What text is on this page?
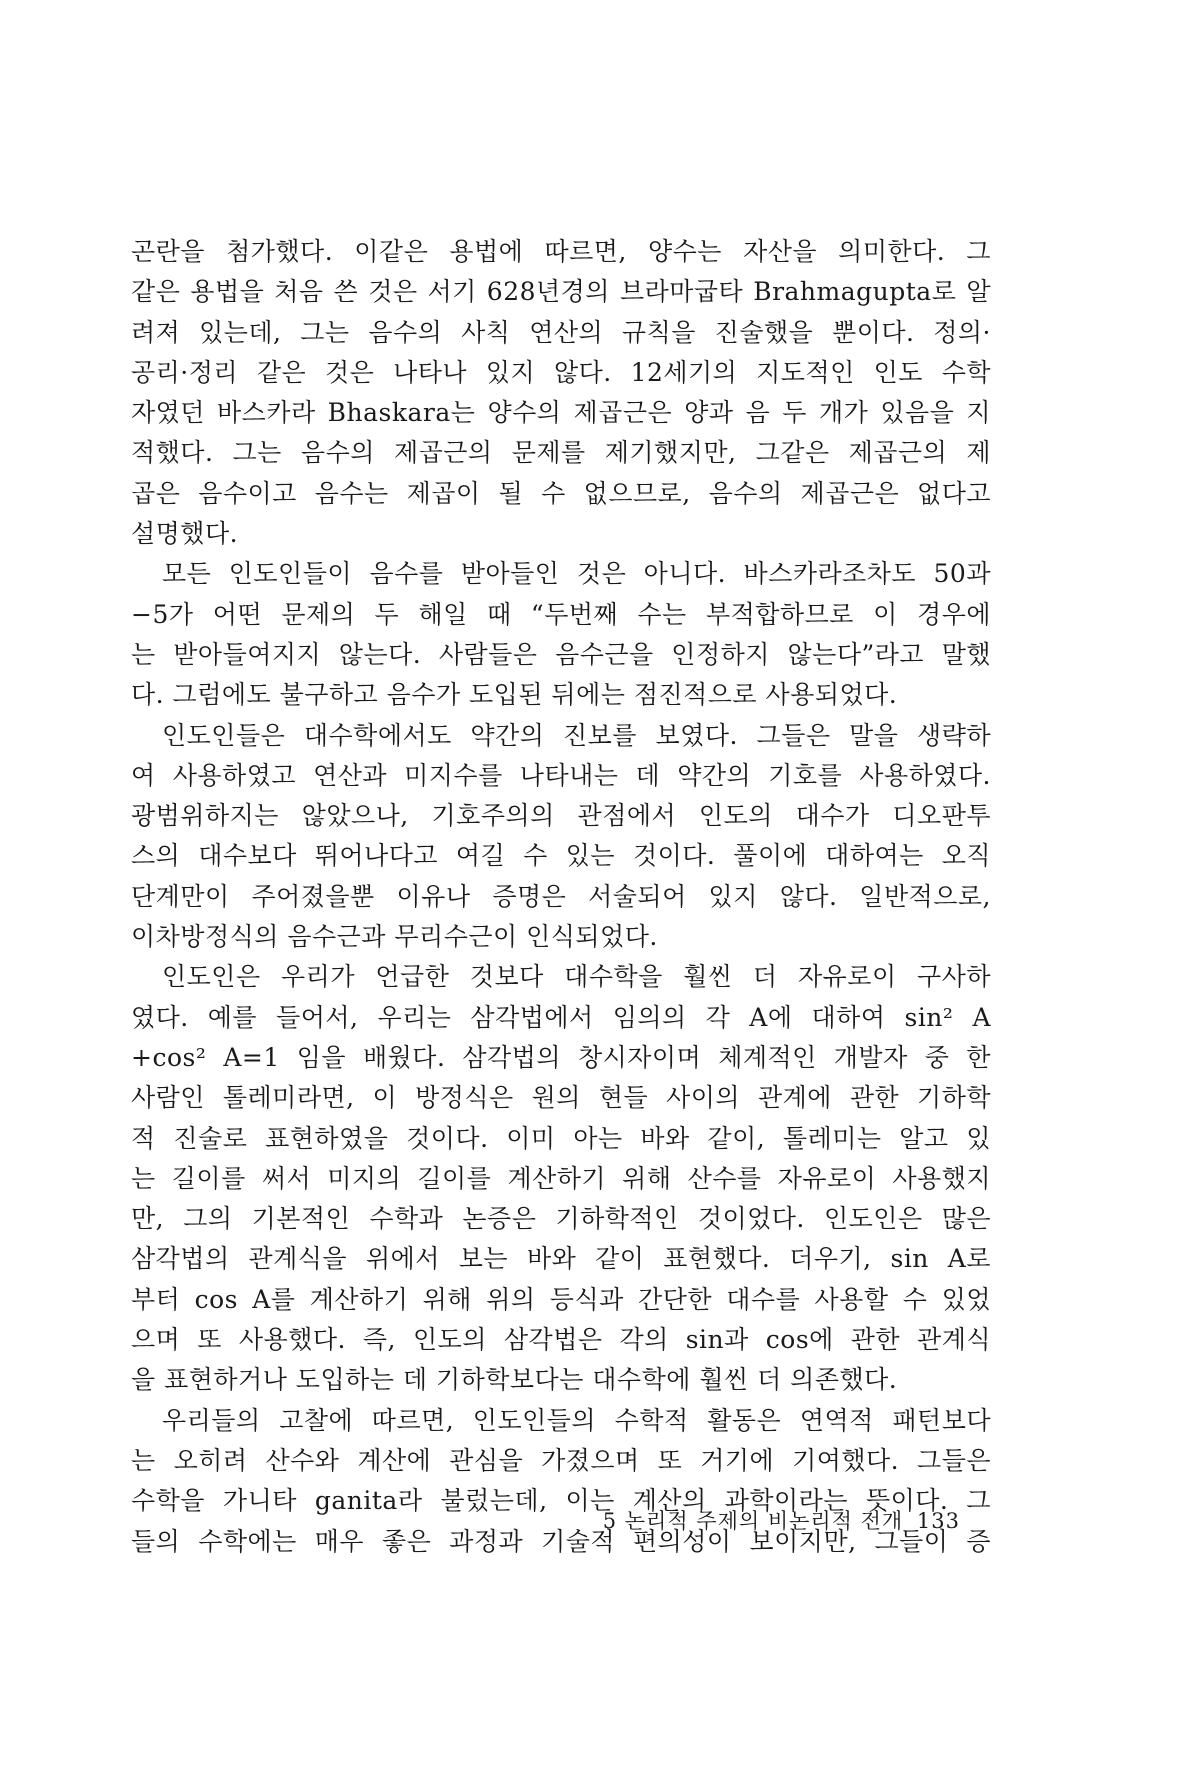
곤란을 첨가했다. 이같은 용법에 따르면, 양수는 자산을 의미한다. 그
같은 용법을 처음 쓴 것은 서기 628년경의 브라마굽타 Brahmagupta로 알
려져 있는데, 그는 음수의 사칙 연산의 규칙을 진술했을 뿐이다. 정의·
공리·정리 같은 것은 나타나 있지 않다. 12세기의 지도적인 인도 수학
자였던 바스카라 Bhaskara는 양수의 제곱근은 양과 음 두 개가 있음을 지
적했다. 그는 음수의 제곱근의 문제를 제기했지만, 그같은 제곱근의 제
곱은 음수이고 음수는 제곱이 될 수 없으므로, 음수의 제곱근은 없다고
설명했다.
모든 인도인들이 음수를 받아들인 것은 아니다. 바스카라조차도 50과
−5가 어떤 문제의 두 해일 때 “두번째 수는 부적합하므로 이 경우에
는 받아들여지지 않는다. 사람들은 음수근을 인정하지 않는다”라고 말했
다. 그럼에도 불구하고 음수가 도입된 뒤에는 점진적으로 사용되었다.
인도인들은 대수학에서도 약간의 진보를 보였다. 그들은 말을 생략하
여 사용하였고 연산과 미지수를 나타내는 데 약간의 기호를 사용하였다.
광범위하지는 않았으나, 기호주의의 관점에서 인도의 대수가 디오판투
스의 대수보다 뛰어나다고 여길 수 있는 것이다. 풀이에 대하여는 오직
단계만이 주어졌을뿐 이유나 증명은 서술되어 있지 않다. 일반적으로,
이차방정식의 음수근과 무리수근이 인식되었다.
인도인은 우리가 언급한 것보다 대수학을 훨씬 더 자유로이 구사하
였다. 예를 들어서, 우리는 삼각법에서 임의의 각 A에 대하여 sin² A
+cos² A=1 임을 배웠다. 삼각법의 창시자이며 체계적인 개발자 중 한
사람인 톨레미라면, 이 방정식은 원의 현들 사이의 관계에 관한 기하학
적 진술로 표현하였을 것이다. 이미 아는 바와 같이, 톨레미는 알고 있
는 길이를 써서 미지의 길이를 계산하기 위해 산수를 자유로이 사용했지
만, 그의 기본적인 수학과 논증은 기하학적인 것이었다. 인도인은 많은
삼각법의 관계식을 위에서 보는 바와 같이 표현했다. 더우기, sin A로
부터 cos A를 계산하기 위해 위의 등식과 간단한 대수를 사용할 수 있었
으며 또 사용했다. 즉, 인도의 삼각법은 각의 sin과 cos에 관한 관계식
을 표현하거나 도입하는 데 기하학보다는 대수학에 훨씬 더 의존했다.
우리들의 고찰에 따르면, 인도인들의 수학적 활동은 연역적 패턴보다
는 오히려 산수와 계산에 관심을 가졌으며 또 거기에 기여했다. 그들은
수학을 가니타 ganita라 불렀는데, 이는 계산의 과학이라는 뜻이다. 그
들의 수학에는 매우 좋은 과정과 기술적 편의성이 보이지만, 그들이 증
5 논리적 주제의 비논리적 전개 133
